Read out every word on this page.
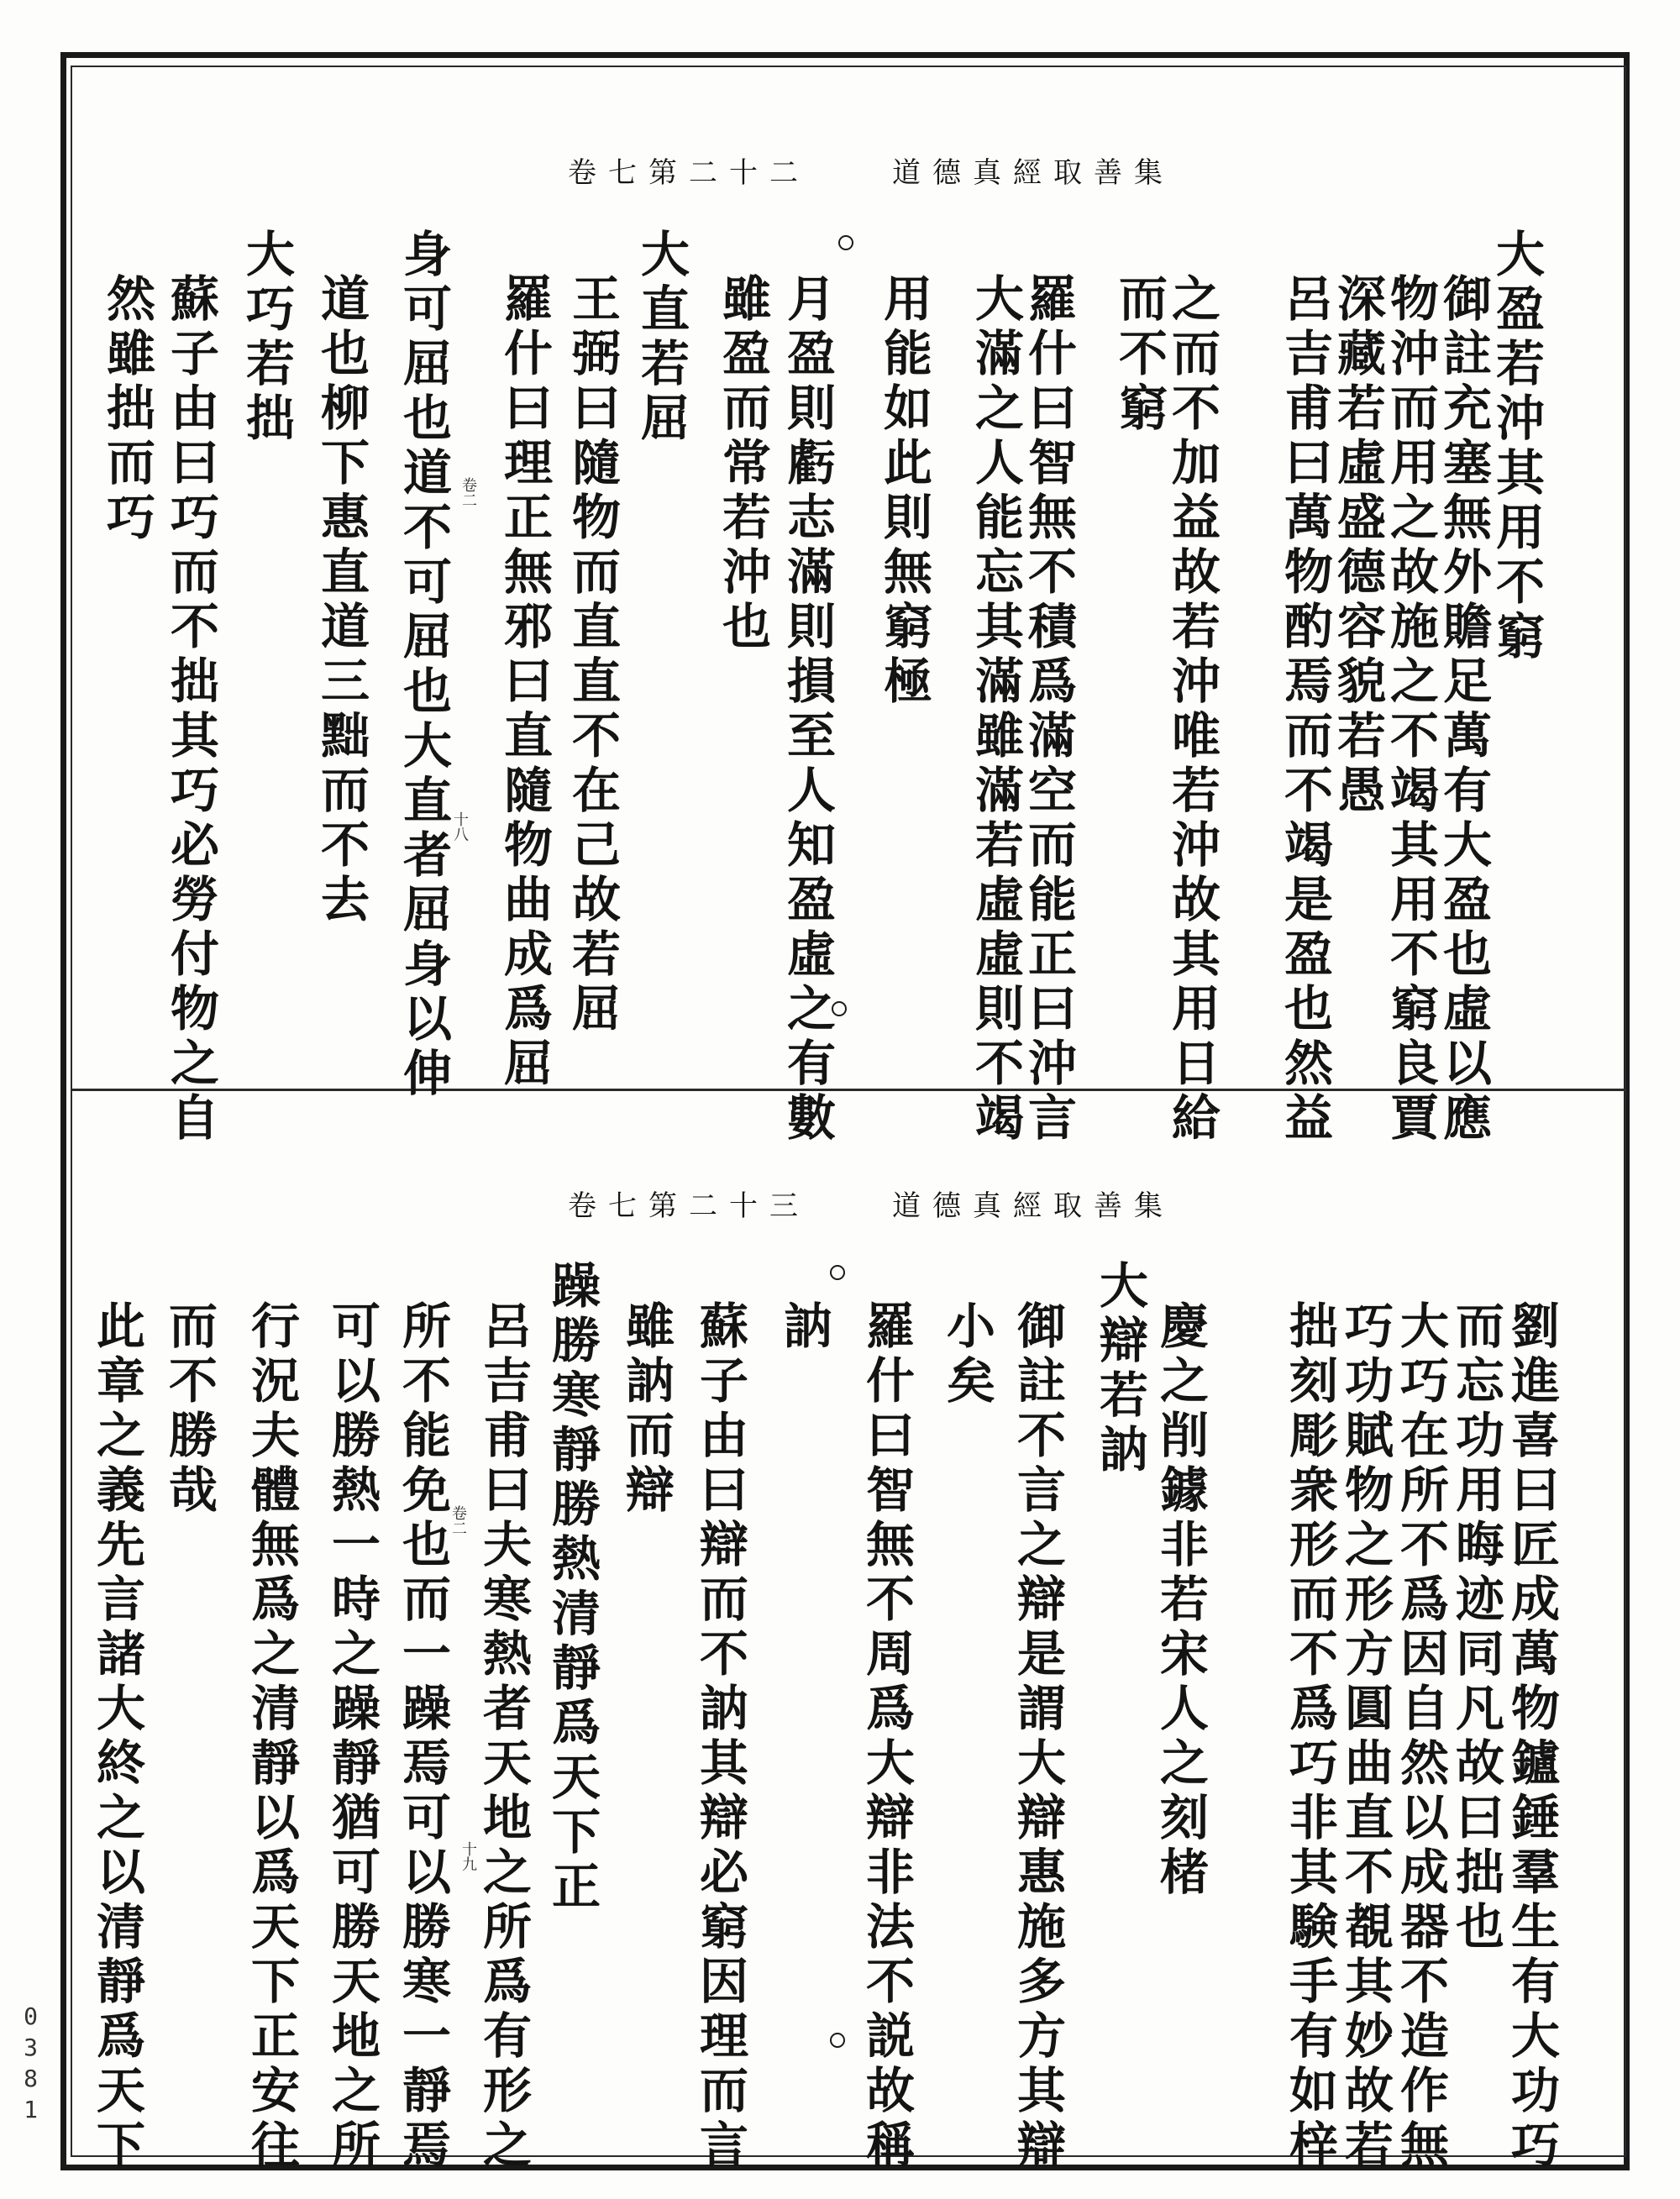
道德真經取善集
卷七第二十二
道德真經取善集
卷七第二十三
大盈若沖其用不窮
御註充塞無外贍足萬有大盈也虛以應
物沖而用之故施之不竭其用不窮良賈
深藏若虛盛德容貌若愚
呂吉甫曰萬物酌焉而不竭是盈也然益
之而不加益故若沖唯若沖故其用日給
而不窮
羅什曰智無不積爲滿空而能正曰沖言
大滿之人能忘其滿雖滿若虛虛則不竭
用能如此則無窮極
月盈則虧志滿則損至人知盈虛之有數
雖盈而常若沖也
大直若屈
王弼曰隨物而直直不在己故若屈
羅什曰理正無邪曰直隨物曲成爲屈
身可屈也道不可屈也大直者屈身以伸
道也柳下惠直道三黜而不去
大巧若拙
蘇子由曰巧而不拙其巧必勞付物之自
然雖拙而巧	卷二
十八
劉進喜曰匠成萬物鑪錘羣生有大功巧
而忘功用晦迹同凡故曰拙也
大巧在所不爲因自然以成器不造作無
巧功賦物之形方圓曲直不覩其妙故若
拙刻彫衆形而不爲巧非其験手有如梓
慶之削鐻非若宋人之刻楮
大辯若訥
御註不言之辯是謂大辯惠施多方其辯
小矣
羅什曰智無不周爲大辯非法不説故稱
訥
蘇子由曰辯而不訥其辯必窮因理而言
雖訥而辯
躁勝寒靜勝熱清靜爲天下正
呂吉甫曰夫寒熱者天地之所爲有形之
所不能免也而一躁焉可以勝寒一靜焉
可以勝熱一時之躁靜猶可勝天地之所
行況夫體無爲之清靜以爲天下正安往
而不勝哉
此章之義先言諸大終之以清靜爲天下	卷二
十九
0381
